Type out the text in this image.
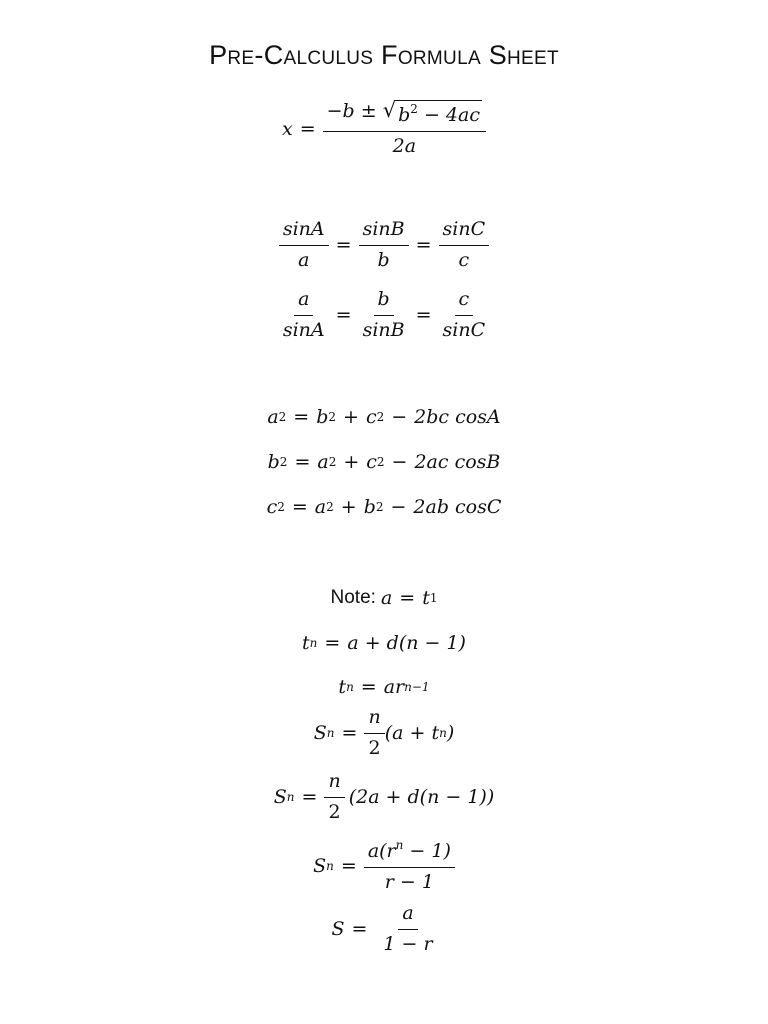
Pre-Calculus Formula Sheet
$x = \frac{-b \pm √ b^2 - 4ac}{2a}$
$\frac{\sin A}{a} = \frac{\sin B}{b} = \frac{\sin C}{c}$
$\frac{a}{\sin A} = \frac{b}{\sin B} = \frac{c}{\sin C}$
a 2 = b 2 + c 2 − 2bc cosA
b 2 = a 2 + c 2 − 2ac cosB
c 2 = a 2 + b 2 − 2ab cosC
Note: a = t 1
t n = a + d(n − 1)
t n = ar n−1
S $n = \frac{n}{2} (a + t$ n )
S $n = \frac{n}{2} (2a + d(n - 1))$
S $n = \frac{a(r^n - 1)}{r - 1}$
$S = \frac{a}{1 - r}$
